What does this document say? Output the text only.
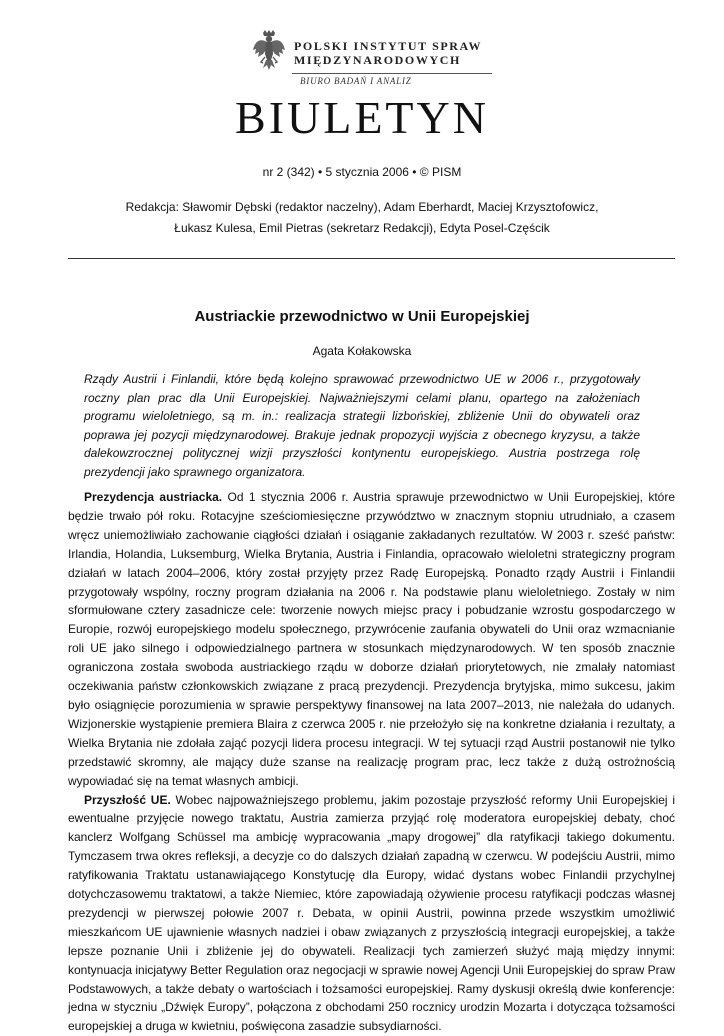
POLSKI INSTYTUT SPRAW
MIĘDZYNARODOWYCH
BIURO BADAŃ I ANALIZ
BIULETYN
nr 2 (342) • 5 stycznia 2006 • © PISM
Redakcja: Sławomir Dębski (redaktor naczelny), Adam Eberhardt, Maciej Krzysztofowicz,
Łukasz Kulesa, Emil Pietras (sekretarz Redakcji), Edyta Posel-Częścik
Austriackie przewodnictwo w Unii Europejskiej
Agata Kołakowska
Rządy Austrii i Finlandii, które będą kolejno sprawować przewodnictwo UE w 2006 r., przygotowały roczny plan prac dla Unii Europejskiej. Najważniejszymi celami planu, opartego na założeniach programu wieloletniego, są m. in.: realizacja strategii lizbońskiej, zbliżenie Unii do obywateli oraz poprawa jej pozycji międzynarodowej. Brakuje jednak propozycji wyjścia z obecnego kryzysu, a także dalekowzrocznej politycznej wizji przyszłości kontynentu europejskiego. Austria postrzega rolę prezydencji jako sprawnego organizatora.

Prezydencja austriacka. Od 1 stycznia 2006 r. Austria sprawuje przewodnictwo w Unii Europejskiej, które będzie trwało pół roku. Rotacyjne sześciomiesięczne przywództwo w znacznym stopniu utrudniało, a czasem wręcz uniemożliwiało zachowanie ciągłości działań i osiąganie zakładanych rezultatów. W 2003 r. sześć państw: Irlandia, Holandia, Luksemburg, Wielka Brytania, Austria i Finlandia, opracowało wieloletni strategiczny program działań w latach 2004–2006, który został przyjęty przez Radę Europejską. Ponadto rządy Austrii i Finlandii przygotowały wspólny, roczny program działania na 2006 r. Na podstawie planu wieloletniego. Zostały w nim sformułowane cztery zasadnicze cele: tworzenie nowych miejsc pracy i pobudzanie wzrostu gospodarczego w Europie, rozwój europejskiego modelu społecznego, przywrócenie zaufania obywateli do Unii oraz wzmacnianie roli UE jako silnego i odpowiedzialnego partnera w stosunkach międzynarodowych. W ten sposób znacznie ograniczona została swoboda austriackiego rządu w doborze działań priorytetowych, nie zmalały natomiast oczekiwania państw członkowskich związane z pracą prezydencji. Prezydencja brytyjska, mimo sukcesu, jakim było osiągnięcie porozumienia w sprawie perspektywy finansowej na lata 2007–2013, nie należała do udanych. Wizjonerskie wystąpienie premiera Blaira z czerwca 2005 r. nie przełożyło się na konkretne działania i rezultaty, a Wielka Brytania nie zdołała zająć pozycji lidera procesu integracji. W tej sytuacji rząd Austrii postanowił nie tylko przedstawić skromny, ale mający duże szanse na realizację program prac, lecz także z dużą ostrożnością wypowiadać się na temat własnych ambicji.

Przyszłość UE. Wobec najpoważniejszego problemu, jakim pozostaje przyszłość reformy Unii Europejskiej i ewentualne przyjęcie nowego traktatu, Austria zamierza przyjąć rolę moderatora europejskiej debaty, choć kanclerz Wolfgang Schüssel ma ambicję wypracowania „mapy drogowej” dla ratyfikacji takiego dokumentu. Tymczasem trwa okres refleksji, a decyzje co do dalszych działań zapadną w czerwcu. W podejściu Austrii, mimo ratyfikowania Traktatu ustanawiającego Konstytucję dla Europy, widać dystans wobec Finlandii przychylnej dotychczasowemu traktatowi, a także Niemiec, które zapowiadają ożywienie procesu ratyfikacji podczas własnej prezydencji w pierwszej połowie 2007 r. Debata, w opinii Austrii, powinna przede wszystkim umożliwić mieszkańcom UE ujawnienie własnych nadziei i obaw związanych z przyszłością integracji europejskiej, a także lepsze poznanie Unii i zbliżenie jej do obywateli. Realizacji tych zamierzeń służyć mają między innymi: kontynuacja inicjatywy Better Regulation oraz negocjacji w sprawie nowej Agencji Unii Europejskiej do spraw Praw Podstawowych, a także debaty o wartościach i tożsamości europejskiej. Ramy dyskusji określą dwie konferencje: jedna w styczniu „Dźwięk Europy”, połączona z obchodami 250 rocznicy urodzin Mozarta i dotycząca tożsamości europejskiej a druga w kwietniu, poświęcona zasadzie subsydiarności.
